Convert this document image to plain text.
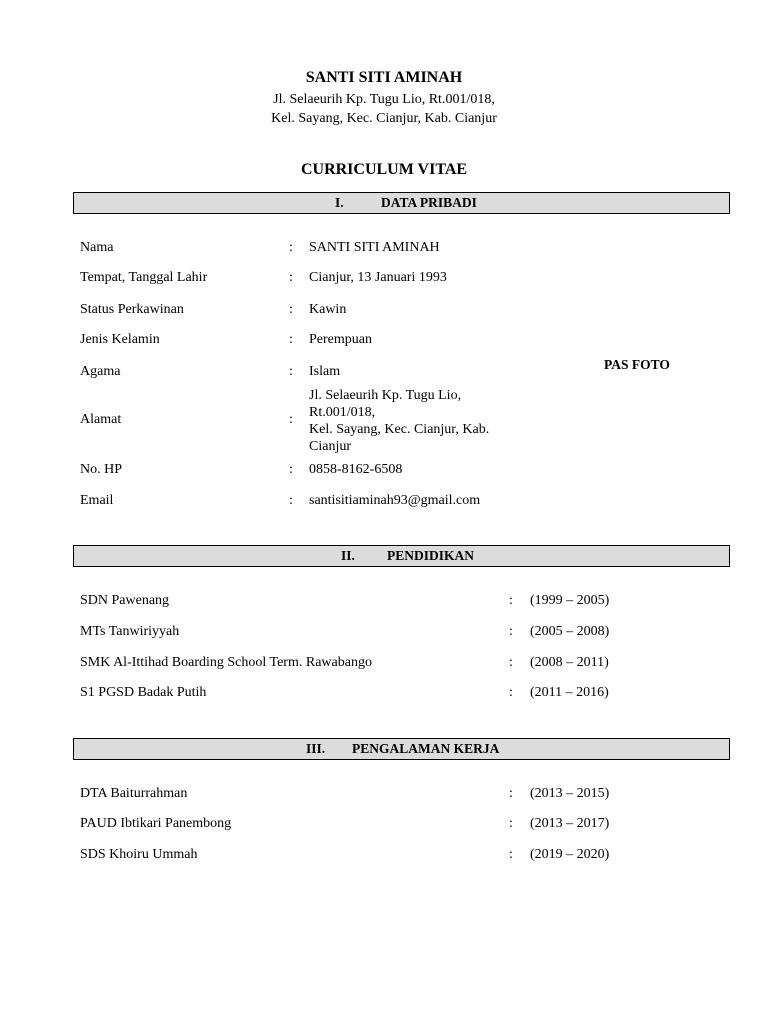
SANTI SITI AMINAH
Jl. Selaeurih Kp. Tugu Lio, Rt.001/018,
Kel. Sayang, Kec. Cianjur, Kab. Cianjur
CURRICULUM VITAE
I.	DATA PRIBADI
Nama	: SANTI SITI AMINAH
Tempat, Tanggal Lahir	: Cianjur, 13 Januari 1993
Status Perkawinan	: Kawin
Jenis Kelamin	: Perempuan
Agama	: Islam
Alamat	:
Jl. Selaeurih Kp. Tugu Lio,
Rt.001/018,
Kel. Sayang, Kec. Cianjur, Kab.
Cianjur
No. HP	: 0858-8162-6508
Email	: santisitiaminah93@gmail.com
PAS FOTO
II. PENDIDIKAN
SDN Pawenang	: (1999 – 2005)
MTs Tanwiriyyah	: (2005 – 2008)
SMK Al-Ittihad Boarding School Term. Rawabango	: (2008 – 2011)
S1 PGSD Badak Putih	: (2011 – 2016)
III. PENGALAMAN KERJA
DTA Baiturrahman	: (2013 – 2015)
PAUD Ibtikari Panembong	: (2013 – 2017)
SDS Khoiru Ummah	: (2019 – 2020)
